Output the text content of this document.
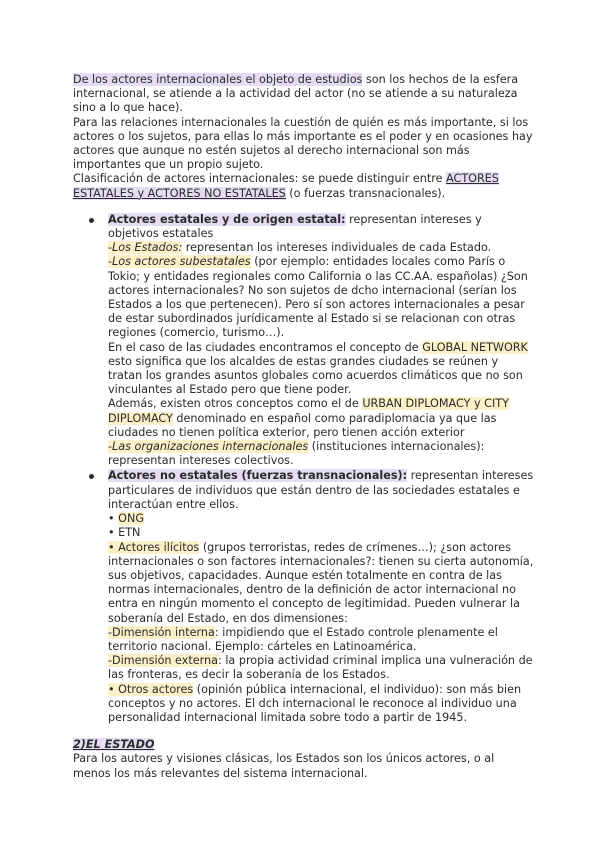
De los actores internacionales el objeto de estudios son los hechos de la esfera internacional, se atiende a la actividad del actor (no se atiende a su naturaleza sino a lo que hace).

Para las relaciones internacionales la cuestión de quién es más importante, si los actores o los sujetos, para ellas lo más importante es el poder y en ocasiones hay actores que aunque no estén sujetos al derecho internacional son más importantes que un propio sujeto.

Clasificación de actores internacionales: se puede distinguir entre ACTORES ESTATALES y ACTORES NO ESTATALES (o fuerzas transnacionales).

Actores estatales y de origen estatal: representan intereses y objetivos estatales

-Los Estados: representan los intereses individuales de cada Estado.

-Los actores subestatales (por ejemplo: entidades locales como París o Tokio; y entidades regionales como California o las CC.AA. españolas) ¿Son actores internacionales? No son sujetos de dcho internacional (serían los Estados a los que pertenecen). Pero sí son actores internacionales a pesar de estar subordinados jurídicamente al Estado si se relacionan con otras regiones (comercio, turismo…).

En el caso de las ciudades encontramos el concepto de GLOBAL NETWORK esto significa que los alcaldes de estas grandes ciudades se reúnen y tratan los grandes asuntos globales como acuerdos climáticos que no son vinculantes al Estado pero que tiene poder.

Además, existen otros conceptos como el de URBAN DIPLOMACY y CITY DIPLOMACY denominado en español como paradiplomacia ya que las ciudades no tienen política exterior, pero tienen acción exterior

-Las organizaciones internacionales (instituciones internacionales): representan intereses colectivos.

Actores no estatales (fuerzas transnacionales): representan intereses particulares de individuos que están dentro de las sociedades estatales e interactúan entre ellos.

• ONG

• ETN

• Actores ilícitos (grupos terroristas, redes de crímenes…); ¿son actores internacionales o son factores internacionales?: tienen su cierta autonomía, sus objetivos, capacidades. Aunque estén totalmente en contra de las normas internacionales, dentro de la definición de actor internacional no entra en ningún momento el concepto de legitimidad. Pueden vulnerar la soberanía del Estado, en dos dimensiones:

-Dimensión interna: impidiendo que el Estado controle plenamente el territorio nacional. Ejemplo: cárteles en Latinoamérica.

-Dimensión externa: la propia actividad criminal implica una vulneración de las fronteras, es decir la soberanía de los Estados.

• Otros actores (opinión pública internacional, el individuo): son más bien conceptos y no actores. El dch internacional le reconoce al individuo una personalidad internacional limitada sobre todo a partir de 1945.

2)EL ESTADO

Para los autores y visiones clásicas, los Estados son los únicos actores, o al menos los más relevantes del sistema internacional.
